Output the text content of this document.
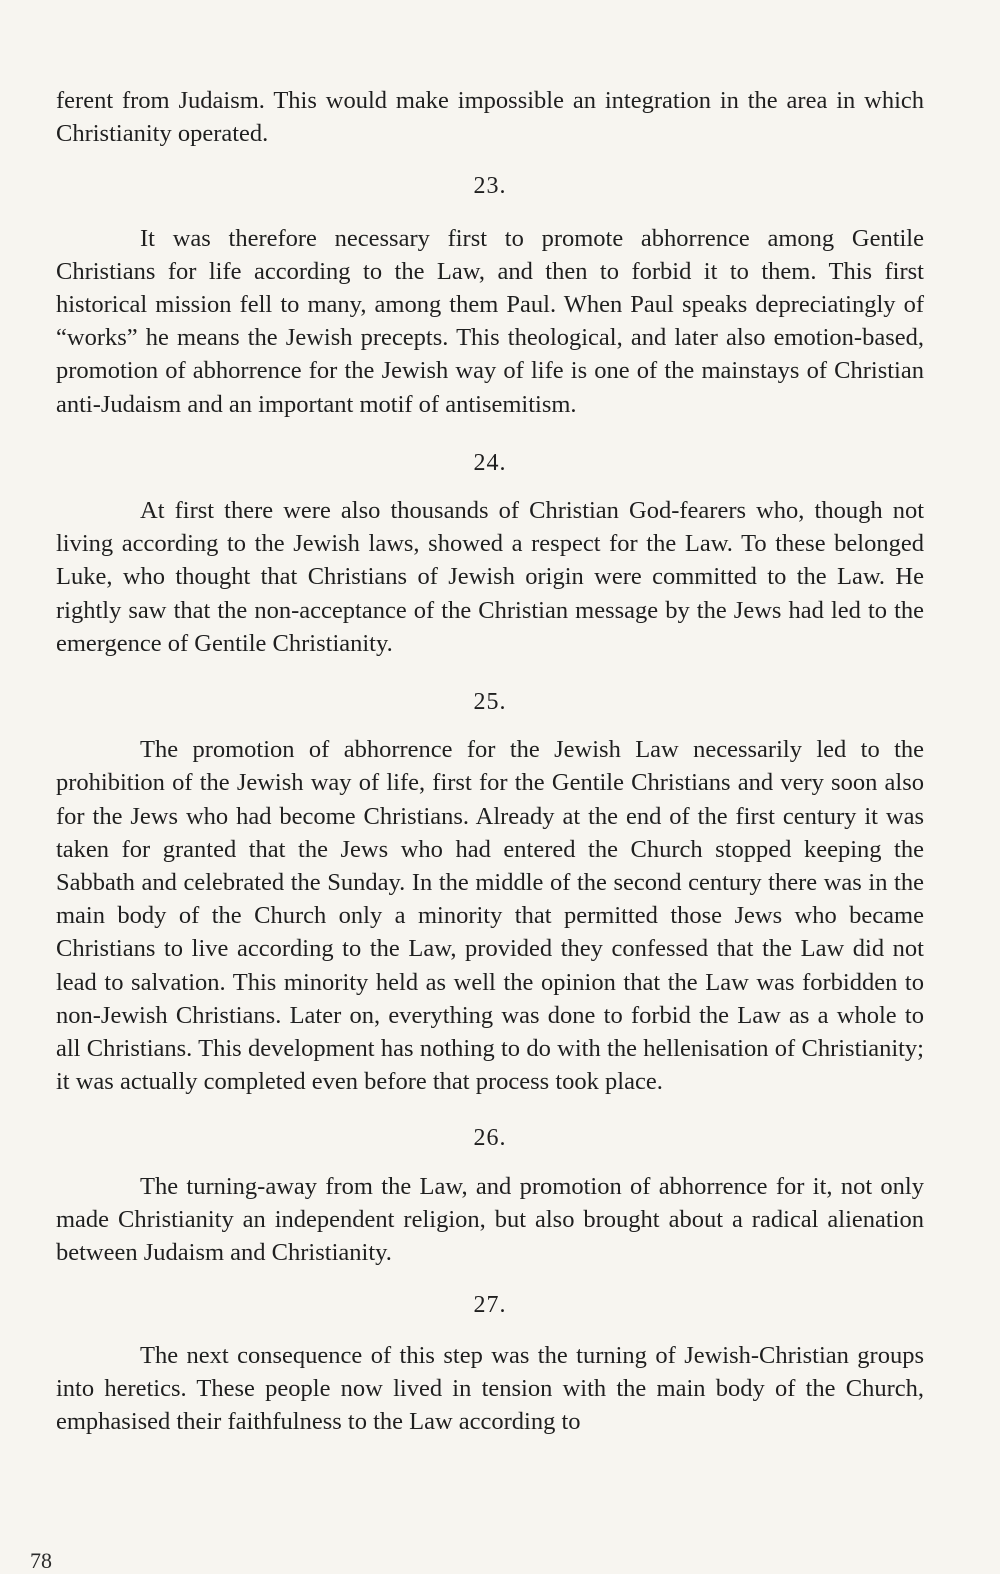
ferent from Judaism. This would make impossible an integration in the area in which Christianity operated.

23.

It was therefore necessary first to promote abhorrence among Gentile Christians for life according to the Law, and then to forbid it to them. This first historical mission fell to many, among them Paul. When Paul speaks depreciatingly of “works” he means the Jewish precepts. This theological, and later also emotion-based, promotion of abhorrence for the Jewish way of life is one of the mainstays of Christian anti-Judaism and an important motif of antisemitism.

24.

At first there were also thousands of Christian God-fearers who, though not living according to the Jewish laws, showed a respect for the Law. To these belonged Luke, who thought that Christians of Jewish origin were committed to the Law. He rightly saw that the non-acceptance of the Christian message by the Jews had led to the emergence of Gentile Christianity.

25.

The promotion of abhorrence for the Jewish Law necessarily led to the prohibition of the Jewish way of life, first for the Gentile Christians and very soon also for the Jews who had become Christians. Already at the end of the first century it was taken for granted that the Jews who had entered the Church stopped keeping the Sabbath and celebrated the Sunday. In the middle of the second century there was in the main body of the Church only a minority that permitted those Jews who became Christians to live according to the Law, provided they confessed that the Law did not lead to salvation. This minority held as well the opinion that the Law was forbidden to non-Jewish Christians. Later on, everything was done to forbid the Law as a whole to all Christians. This development has nothing to do with the hellenisation of Christianity; it was actually completed even before that process took place.

26.

The turning-away from the Law, and promotion of abhorrence for it, not only made Christianity an independent religion, but also brought about a radical alienation between Judaism and Christianity.

27.

The next consequence of this step was the turning of Jewish-Christian groups into heretics. These people now lived in tension with the main body of the Church, emphasised their faithfulness to the Law according to

78
